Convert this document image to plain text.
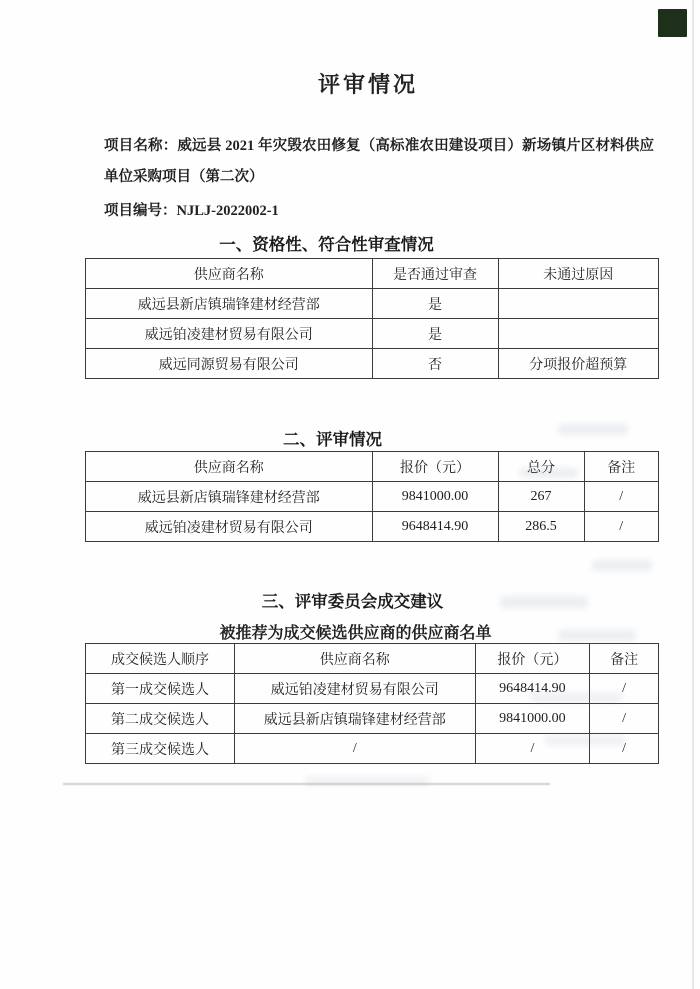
评审情况

项目名称：威远县 2021 年灾毁农田修复（高标准农田建设项目）新场镇片区材料供应单位采购项目（第二次）

项目编号：NJLJ-2022002-1

一、资格性、符合性审查情况
供应商名称	是否通过审查	未通过原因
威远县新店镇瑞锋建材经营部	是	
威远铂凌建材贸易有限公司	是	
威远同源贸易有限公司	否	分项报价超预算
二、评审情况
供应商名称	报价（元）	总分	备注
威远县新店镇瑞锋建材经营部	9841000.00	267	/
威远铂凌建材贸易有限公司	9648414.90	286.5	/
三、评审委员会成交建议
被推荐为成交候选供应商的供应商名单
成交候选人顺序	供应商名称	报价（元）	备注
第一成交候选人	威远铂凌建材贸易有限公司	9648414.90	/
第二成交候选人	威远县新店镇瑞锋建材经营部	9841000.00	/
第三成交候选人	/	/	/
